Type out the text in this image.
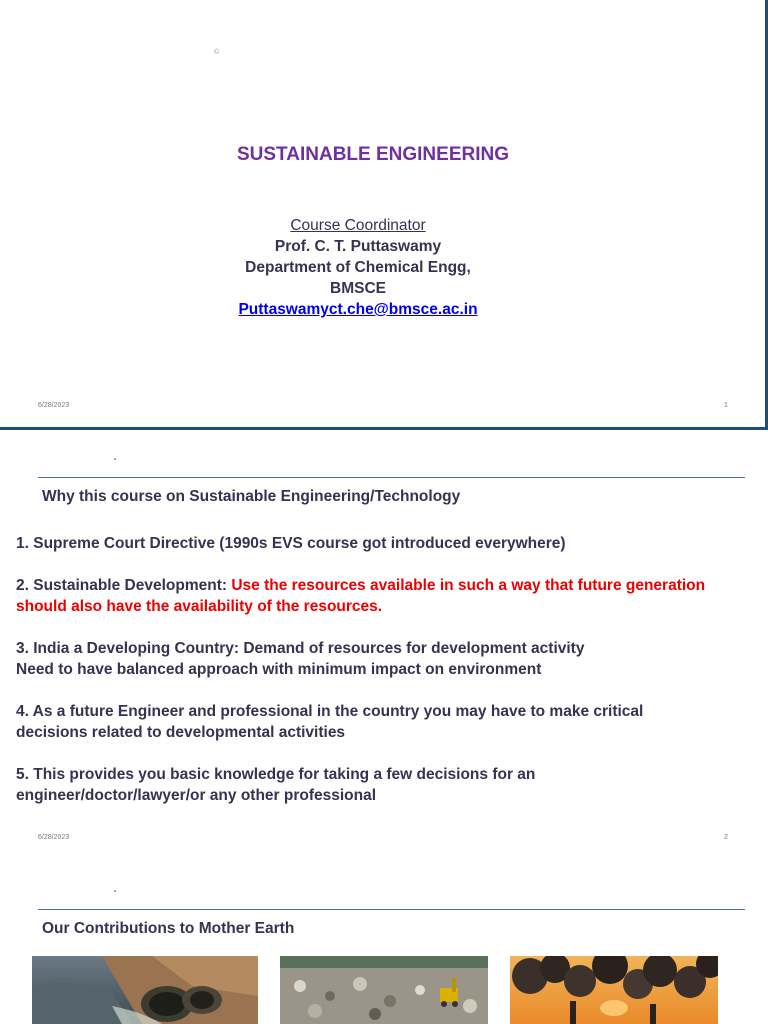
©
SUSTAINABLE ENGINEERING
Course Coordinator
Prof. C. T. Puttaswamy
Department of Chemical Engg,
BMSCE
Puttaswamyct.che@bmsce.ac.in
6/28/2023	1
Why this course on Sustainable Engineering/Technology
1. Supreme Court Directive (1990s EVS course got introduced everywhere)
2. Sustainable Development: Use the resources available in such a way that future generation should also have the availability of the resources.
3. India a Developing Country: Demand of resources for development activity
Need to have balanced approach with minimum impact on environment
4. As a future Engineer and professional in the country you may have to make critical decisions related to developmental activities
5. This provides you basic knowledge for taking a few decisions for an engineer/doctor/lawyer/or any other professional
6/28/2023	2
Our Contributions to Mother Earth
